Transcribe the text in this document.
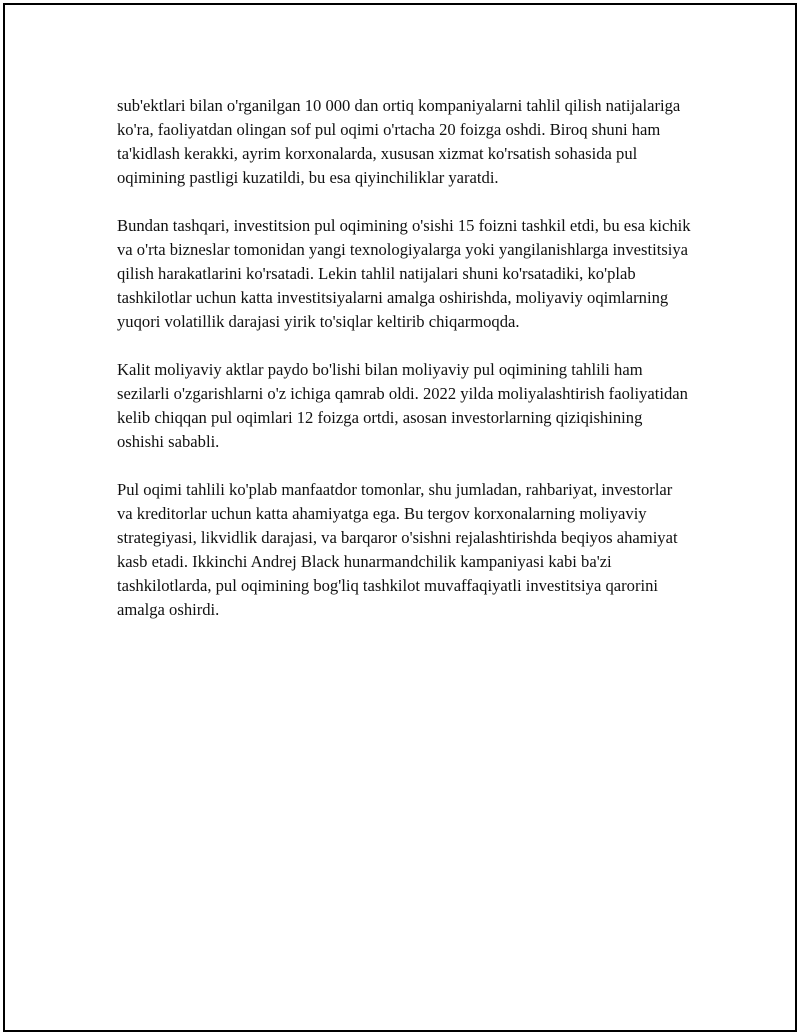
sub'ektlari bilan o'rganilgan 10 000 dan ortiq kompaniyalarni tahlil qilish natijalariga ko'ra, faoliyatdan olingan sof pul oqimi o'rtacha 20 foizga oshdi. Biroq shuni ham ta'kidlash kerakki, ayrim korxonalarda, xususan xizmat ko'rsatish sohasida pul oqimining pastligi kuzatildi, bu esa qiyinchiliklar yaratdi.

Bundan tashqari, investitsion pul oqimining o'sishi 15 foizni tashkil etdi, bu esa kichik va o'rta bizneslar tomonidan yangi texnologiyalarga yoki yangilanishlarga investitsiya qilish harakatlarini ko'rsatadi. Lekin tahlil natijalari shuni ko'rsatadiki, ko'plab tashkilotlar uchun katta investitsiyalarni amalga oshirishda, moliyaviy oqimlarning yuqori volatillik darajasi yirik to'siqlar keltirib chiqarmoqda.

Kalit moliyaviy aktlar paydo bo'lishi bilan moliyaviy pul oqimining tahlili ham sezilarli o'zgarishlarni o'z ichiga qamrab oldi. 2022 yilda moliyalashtirish faoliyatidan kelib chiqqan pul oqimlari 12 foizga ortdi, asosan investorlarning qiziqishining oshishi sababli.

Pul oqimi tahlili ko'plab manfaatdor tomonlar, shu jumladan, rahbariyat, investorlar va kreditorlar uchun katta ahamiyatga ega. Bu tergov korxonalarning moliyaviy strategiyasi, likvidlik darajasi, va barqaror o'sishni rejalashtirishda beqiyos ahamiyat kasb etadi. Ikkinchi Andrej Black hunarmandchilik kampaniyasi kabi ba'zi tashkilotlarda, pul oqimining bog'liq tashkilot muvaffaqiyatli investitsiya qarorini amalga oshirdi.
